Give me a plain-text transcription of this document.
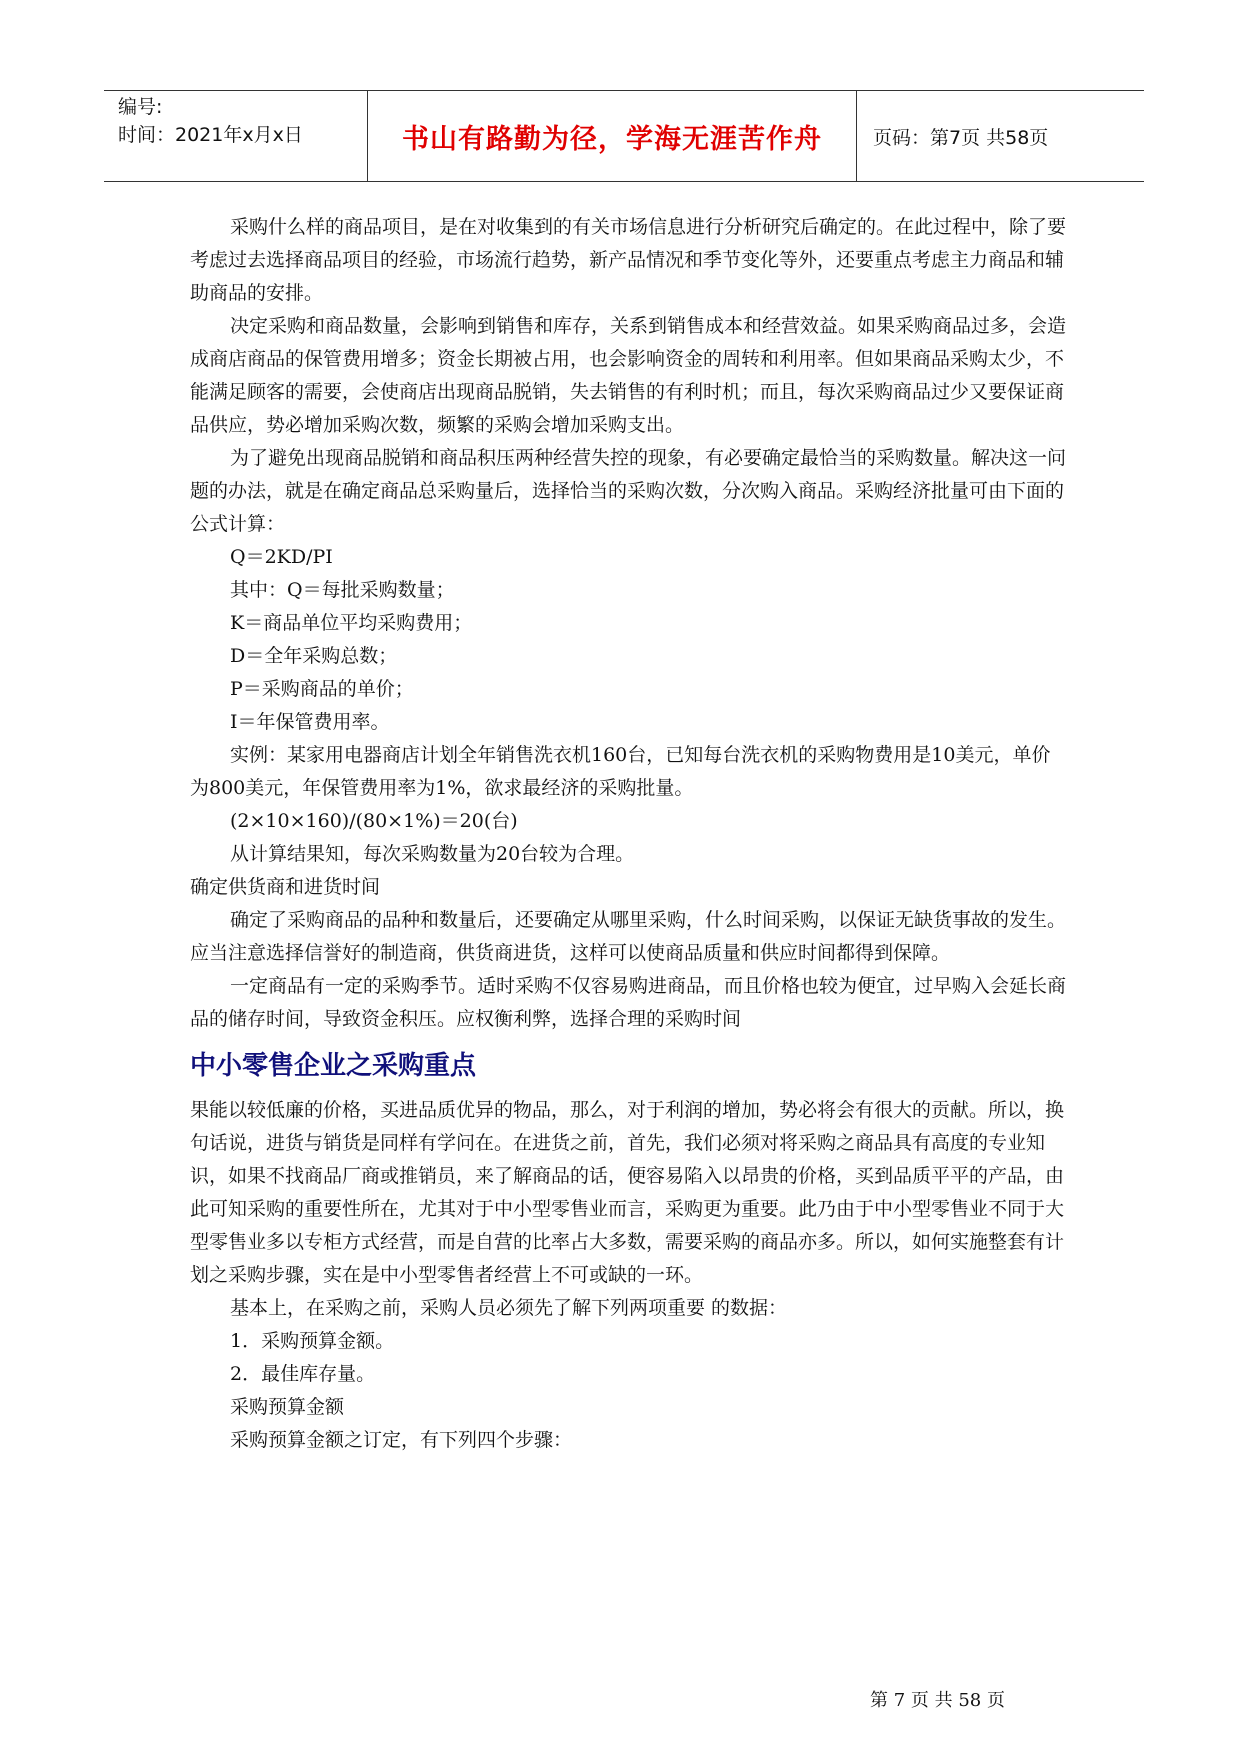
编号:
时间：2021年x月x日	书山有路勤为径，学海无涯苦作舟	页码：第7页 共58页

采购什么样的商品项目，是在对收集到的有关市场信息进行分析研究后确定的。在此过程中，除了要考虑过去选择商品项目的经验，市场流行趋势，新产品情况和季节变化等外，还要重点考虑主力商品和辅助商品的安排。

决定采购和商品数量，会影响到销售和库存，关系到销售成本和经营效益。如果采购商品过多，会造成商店商品的保管费用增多；资金长期被占用，也会影响资金的周转和利用率。但如果商品采购太少，不能满足顾客的需要，会使商店出现商品脱销，失去销售的有利时机；而且，每次采购商品过少又要保证商品供应，势必增加采购次数，频繁的采购会增加采购支出。

为了避免出现商品脱销和商品积压两种经营失控的现象，有必要确定最恰当的采购数量。解决这一问题的办法，就是在确定商品总采购量后，选择恰当的采购次数，分次购入商品。采购经济批量可由下面的公式计算：

Q＝2KD/PI

其中：Q＝每批采购数量；

K＝商品单位平均采购费用；

D＝全年采购总数；

P＝采购商品的单价；

I＝年保管费用率。

实例：某家用电器商店计划全年销售洗衣机160台，已知每台洗衣机的采购物费用是10美元，单价为800美元，年保管费用率为1%，欲求最经济的采购批量。

(2×10×160)/(80×1%)＝20(台)

从计算结果知，每次采购数量为20台较为合理。

确定供货商和进货时间

确定了采购商品的品种和数量后，还要确定从哪里采购，什么时间采购，以保证无缺货事故的发生。应当注意选择信誉好的制造商，供货商进货，这样可以使商品质量和供应时间都得到保障。

一定商品有一定的采购季节。适时采购不仅容易购进商品，而且价格也较为便宜，过早购入会延长商品的储存时间，导致资金积压。应权衡利弊，选择合理的采购时间

中小零售企业之采购重点

果能以较低廉的价格，买进品质优异的物品，那么，对于利润的增加，势必将会有很大的贡献。所以，换句话说，进货与销货是同样有学问在。在进货之前，首先，我们必须对将采购之商品具有高度的专业知识，如果不找商品厂商或推销员，来了解商品的话，便容易陷入以昂贵的价格，买到品质平平的产品，由此可知采购的重要性所在，尤其对于中小型零售业而言，采购更为重要。此乃由于中小型零售业不同于大型零售业多以专柜方式经营，而是自营的比率占大多数，需要采购的商品亦多。所以，如何实施整套有计划之采购步骤，实在是中小型零售者经营上不可或缺的一环。

基本上，在采购之前，采购人员必须先了解下列两项重要 的数据：

1．采购预算金额。

2．最佳库存量。

采购预算金额

采购预算金额之订定，有下列四个步骤：

第 7 页 共 58 页
